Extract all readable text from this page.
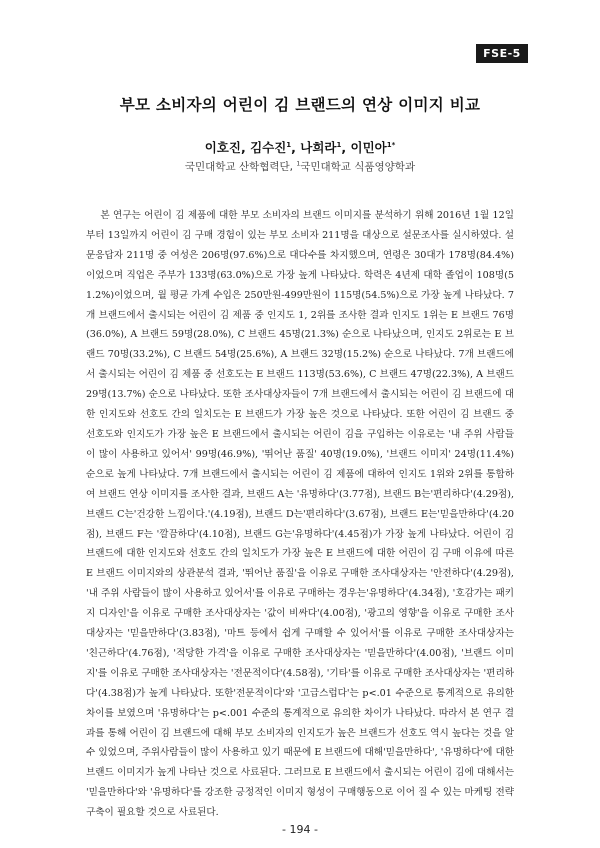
FSE-5
부모 소비자의 어린이 김 브랜드의 연상 이미지 비교
이호진, 김수진$^1$, 나희라$^1$, 이민아$^{1*}$
국민대학교 산학협력단, $^1$국민대학교 식품영양학과

본 연구는 어린이 김 제품에 대한 부모 소비자의 브랜드 이미지를 분석하기 위해 2016년 1월 12일부터 13일까지 어린이 김 구매 경험이 있는 부모 소비자 211명을 대상으로 설문조사를 실시하였다. 설문응답자 211명 중 여성은 206명(97.6%)으로 대다수를 차지했으며, 연령은 30대가 178명(84.4%)이었으며 직업은 주부가 133명(63.0%)으로 가장 높게 나타났다. 학력은 4년제 대학 졸업이 108명(51.2%)이었으며, 월 평균 가계 수입은 250만원-499만원이 115명(54.5%)으로 가장 높게 나타났다. 7개 브랜드에서 출시되는 어린이 김 제품 중 인지도 1, 2위를 조사한 결과 인지도 1위는 E 브랜드 76명(36.0%), A 브랜드 59명(28.0%), C 브랜드 45명(21.3%) 순으로 나타났으며, 인지도 2위로는 E 브랜드 70명(33.2%), C 브랜드 54명(25.6%), A 브랜드 32명(15.2%) 순으로 나타났다. 7개 브랜드에서 출시되는 어린이 김 제품 중 선호도는 E 브랜드 113명(53.6%), C 브랜드 47명(22.3%), A 브랜드 29명(13.7%) 순으로 나타났다. 또한 조사대상자들이 7개 브랜드에서 출시되는 어린이 김 브랜드에 대한 인지도와 선호도 간의 일치도는 E 브랜드가 가장 높은 것으로 나타났다. 또한 어린이 김 브랜드 중 선호도와 인지도가 가장 높은 E 브랜드에서 출시되는 어린이 김을 구입하는 이유로는 '내 주위 사람들이 많이 사용하고 있어서' 99명(46.9%), '뛰어난 품질' 40명(19.0%), '브랜드 이미지' 24명(11.4%) 순으로 높게 나타났다. 7개 브랜드에서 출시되는 어린이 김 제품에 대하여 인지도 1위와 2위를 통합하여 브랜드 연상 이미지를 조사한 결과, 브랜드 A는 '유명하다'(3.77점), 브랜드 B는'편리하다'(4.29점), 브랜드 C는'건강한 느낌이다.'(4.19점), 브랜드 D는'편리하다'(3.67점), 브랜드 E는'믿을만하다'(4.20점), 브랜드 F는 '깔끔하다'(4.10점), 브랜드 G는'유명하다'(4.45점)가 가장 높게 나타났다. 어린이 김 브랜드에 대한 인지도와 선호도 간의 일치도가 가장 높은 E 브랜드에 대한 어린이 김 구매 이유에 따른 E 브랜드 이미지와의 상관분석 결과, '뛰어난 품질'을 이유로 구매한 조사대상자는 '안전하다'(4.29점), '내 주위 사람들이 많이 사용하고 있어서'를 이유로 구매하는 경우는'유명하다'(4.34점), '호감가는 패키지 디자인'을 이유로 구매한 조사대상자는 '값이 비싸다'(4.00점), '광고의 영향'을 이유로 구매한 조사대상자는 '믿을만하다'(3.83점), '마트 등에서 쉽게 구매할 수 있어서'를 이유로 구매한 조사대상자는 '친근하다'(4.76점), '적당한 가격'을 이유로 구매한 조사대상자는 '믿을만하다'(4.00점), '브랜드 이미지'를 이유로 구매한 조사대상자는 '전문적이다'(4.58점), '기타'를 이유로 구매한 조사대상자는 '편리하다'(4.38점)가 높게 나타났다. 또한'전문적이다'와 '고급스럽다'는 p<.01 수준으로 통계적으로 유의한 차이를 보였으며 '유명하다'는 p<.001 수준의 통계적으로 유의한 차이가 나타났다. 따라서 본 연구 결과를 통해 어린이 김 브랜드에 대해 부모 소비자의 인지도가 높은 브랜드가 선호도 역시 높다는 것을 알 수 있었으며, 주위사람들이 많이 사용하고 있기 때문에 E 브랜드에 대해'믿을만하다', '유명하다'에 대한 브랜드 이미지가 높게 나타난 것으로 사료된다. 그러므로 E 브랜드에서 출시되는 어린이 김에 대해서는 '믿을만하다'와 '유명하다'를 강조한 긍정적인 이미지 형성이 구매행동으로 이어 질 수 있는 마케팅 전략 구축이 필요할 것으로 사료된다.

- 194 -
